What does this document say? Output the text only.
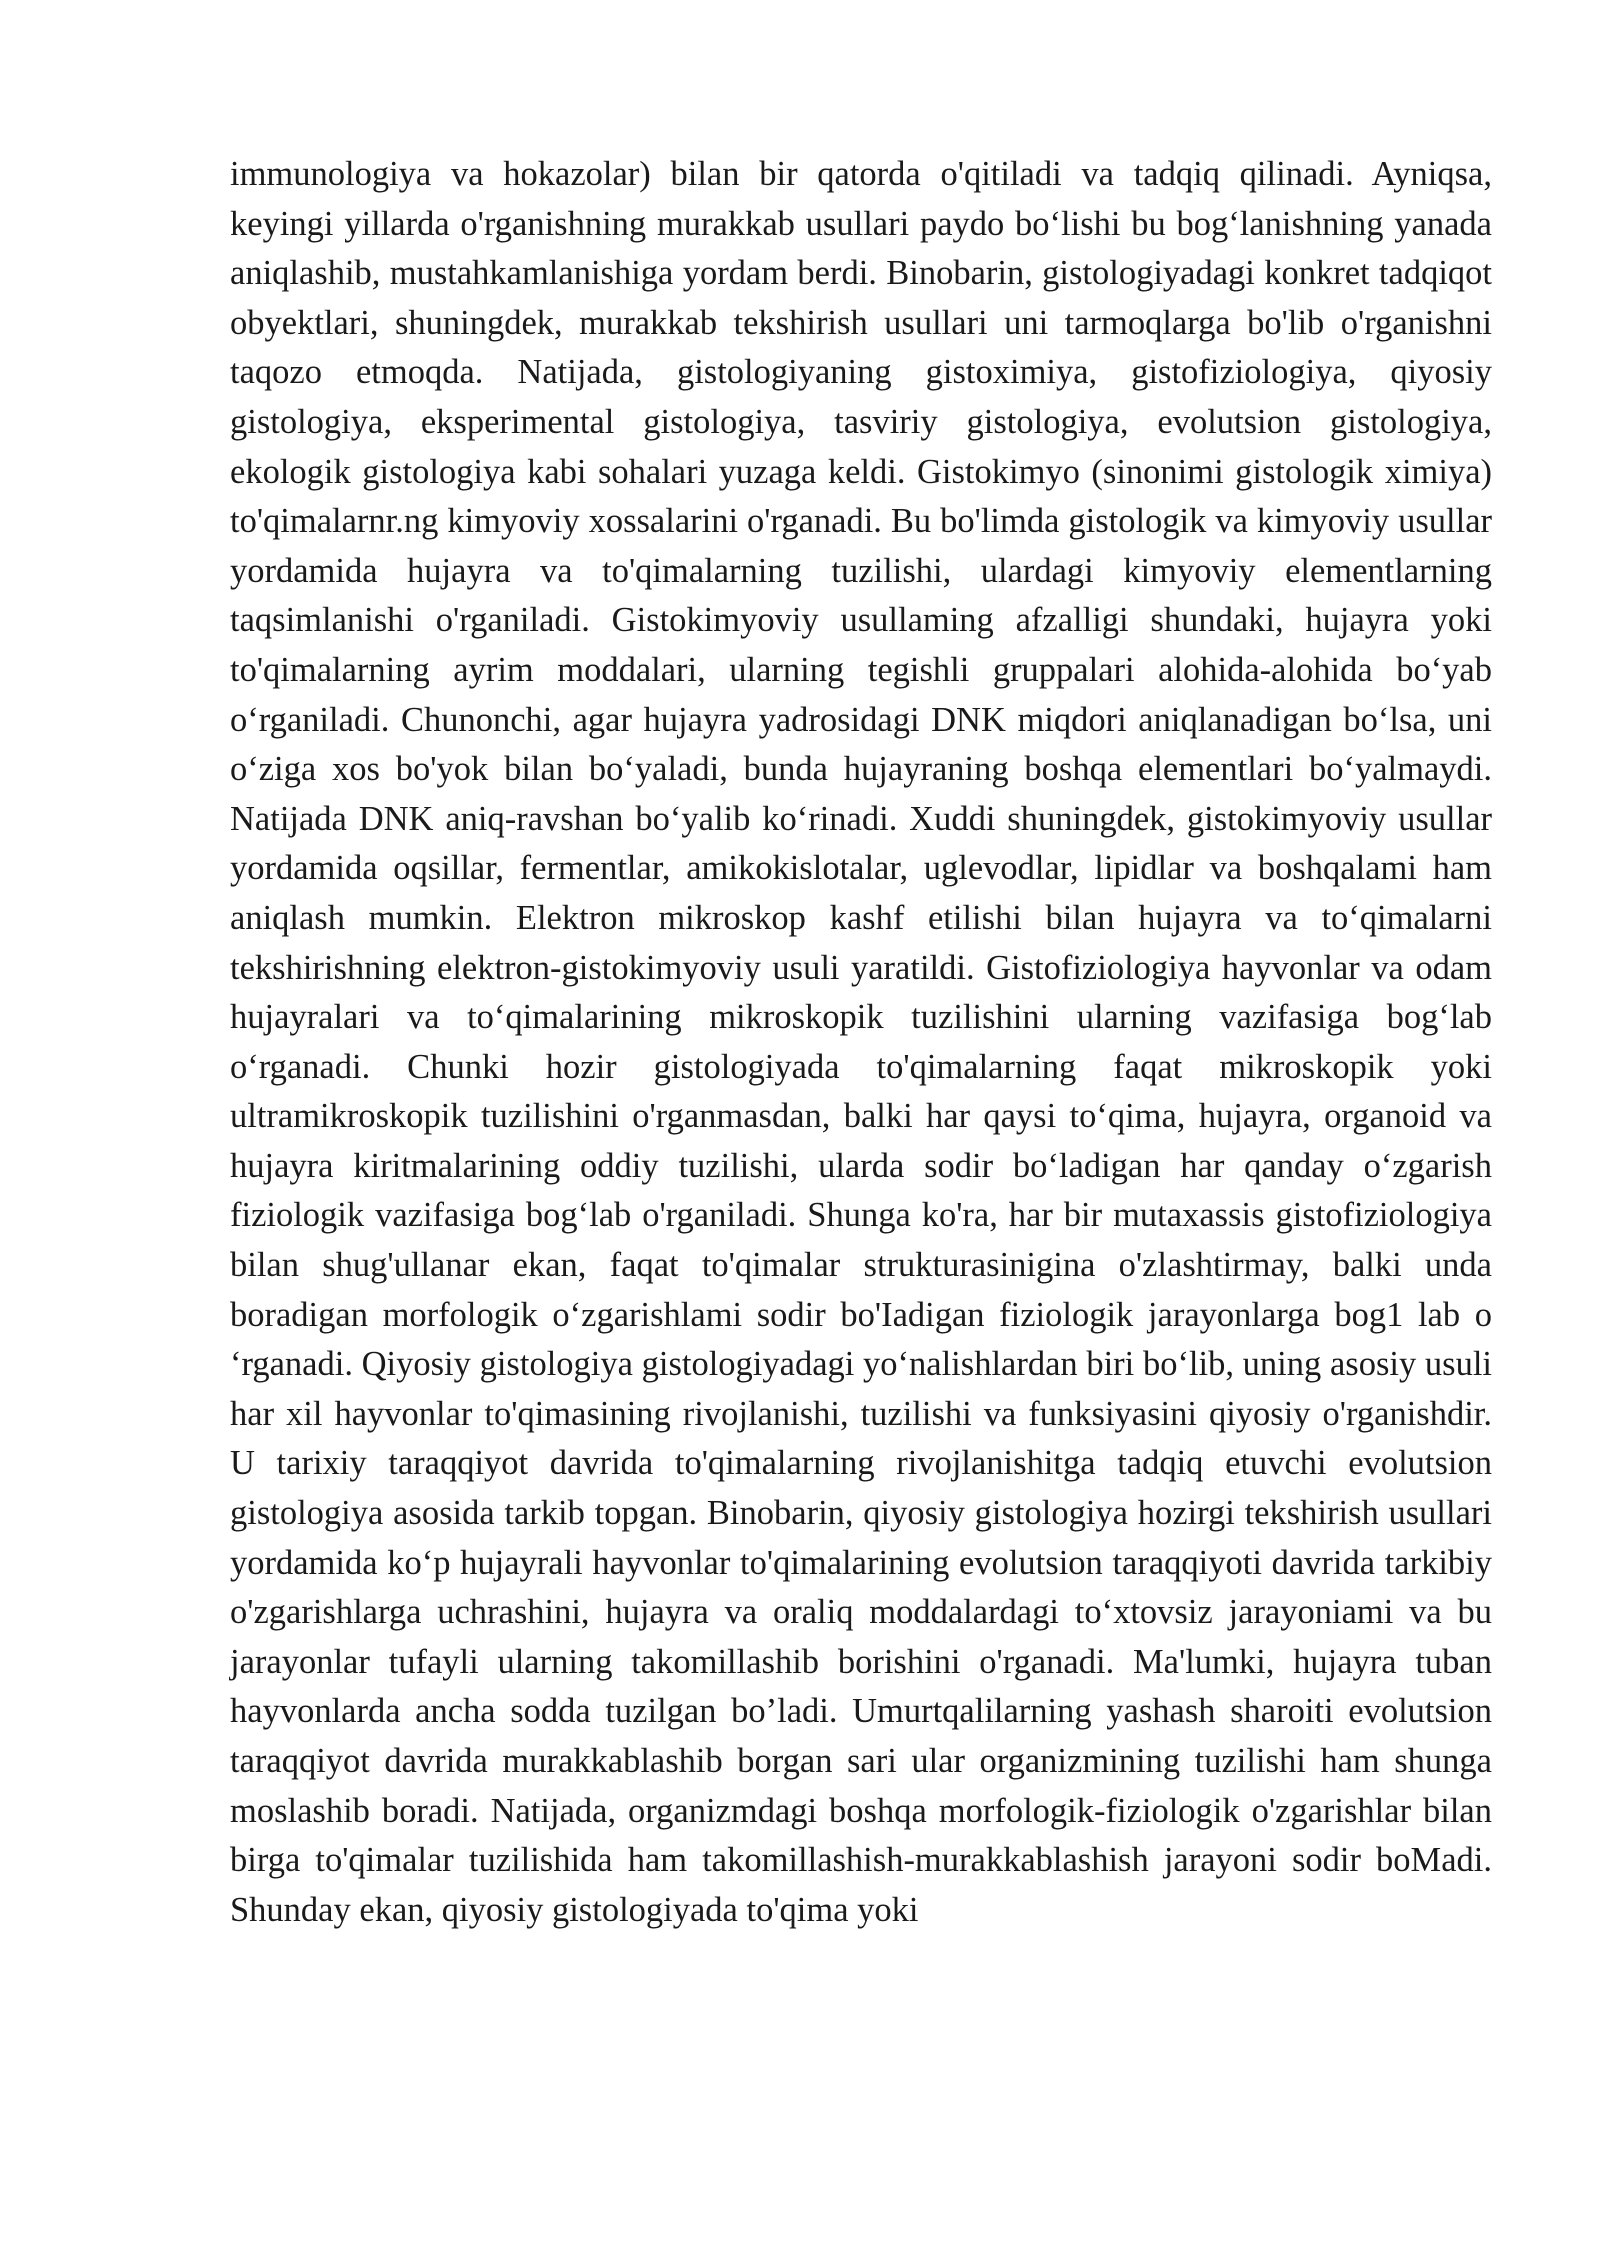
immunologiya va hokazolar) bilan bir qatorda o'qitiladi va tadqiq qilinadi. Ayniqsa, keyingi yillarda o'rganishning murakkab usullari paydo bo‘lishi bu bog‘lanishning yanada aniqlashib, mustahkamlanishiga yordam berdi. Binobarin, gistologiyadagi konkret tadqiqot obyektlari, shuningdek, murakkab tekshirish usullari uni tarmoqlarga bo'lib o'rganishni taqozo etmoqda. Natijada, gistologiyaning gistoximiya, gistofiziologiya, qiyosiy gistologiya, eksperimental gistologiya, tasviriy gistologiya, evolutsion gistologiya, ekologik gistologiya kabi sohalari yuzaga keldi. Gistokimyo (sinonimi gistologik ximiya) to'qimalarnr.ng kimyoviy xossalarini o'rganadi. Bu bo'limda gistologik va kimyoviy usullar yordamida hujayra va to'qimalarning tuzilishi, ulardagi kimyoviy elementlarning taqsimlanishi o'rganiladi. Gistokimyoviy usullaming afzalligi shundaki, hujayra yoki to'qimalarning ayrim moddalari, ularning tegishli gruppalari alohida-alohida bo‘yab o‘rganiladi. Chunonchi, agar hujayra yadrosidagi DNK miqdori aniqlanadigan bo‘lsa, uni o‘ziga xos bo'yok bilan bo‘yaladi, bunda hujayraning boshqa elementlari bo‘yalmaydi. Natijada DNK aniq-ravshan bo‘yalib ko‘rinadi. Xuddi shuningdek, gistokimyoviy usullar yordamida oqsillar, fermentlar, amikokislotalar, uglevodlar, lipidlar va boshqalami ham aniqlash mumkin. Elektron mikroskop kashf etilishi bilan hujayra va to‘qimalarni tekshirishning elektron-gistokimyoviy usuli yaratildi. Gistofiziologiya hayvonlar va odam hujayralari va to‘qimalarining mikroskopik tuzilishini ularning vazifasiga bog‘lab o‘rganadi. Chunki hozir gistologiyada to'qimalarning faqat mikroskopik yoki ultramikroskopik tuzilishini o'rganmasdan, balki har qaysi to‘qima, hujayra, organoid va hujayra kiritmalarining oddiy tuzilishi, ularda sodir bo‘ladigan har qanday o‘zgarish fiziologik vazifasiga bog‘lab o'rganiladi. Shunga ko'ra, har bir mutaxassis gistofiziologiya bilan shug'ullanar ekan, faqat to'qimalar strukturasinigina o'zlashtirmay, balki unda boradigan morfologik o‘zgarishlami sodir bo'Iadigan fiziologik jarayonlarga bog1 lab o ‘rganadi. Qiyosiy gistologiya gistologiyadagi yo‘nalishlardan biri bo‘lib, uning asosiy usuli har xil hayvonlar to'qimasining rivojlanishi, tuzilishi va funksiyasini qiyosiy o'rganishdir. U tarixiy taraqqiyot davrida to'qimalarning rivojlanishitga tadqiq etuvchi evolutsion gistologiya asosida tarkib topgan. Binobarin, qiyosiy gistologiya hozirgi tekshirish usullari yordamida ko‘p hujayrali hayvonlar to'qimalarining evolutsion taraqqiyoti davrida tarkibiy o'zgarishlarga uchrashini, hujayra va oraliq moddalardagi to‘xtovsiz jarayoniami va bu jarayonlar tufayli ularning takomillashib borishini o'rganadi. Ma'lumki, hujayra tuban hayvonlarda ancha sodda tuzilgan bo’ladi. Umurtqalilarning yashash sharoiti evolutsion taraqqiyot davrida murakkablashib borgan sari ular organizmining tuzilishi ham shunga moslashib boradi. Natijada, organizmdagi boshqa morfologik-fiziologik o'zgarishlar bilan birga to'qimalar tuzilishida ham takomillashish-murakkablashish jarayoni sodir boMadi. Shunday ekan, qiyosiy gistologiyada to'qima yoki
